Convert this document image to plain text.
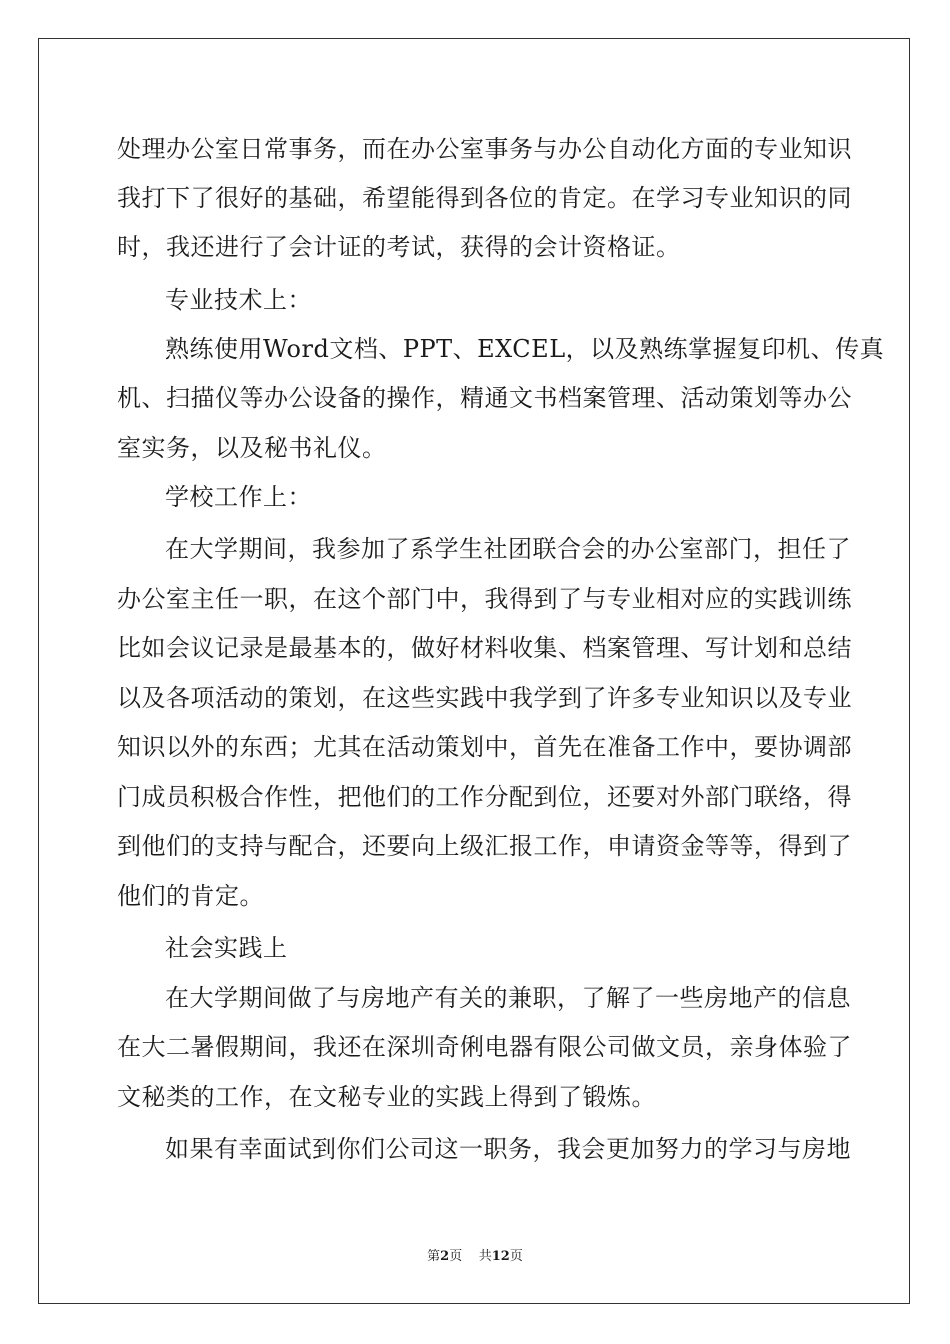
处理办公室日常事务，而在办公室事务与办公自动化方面的专业知识
我打下了很好的基础，希望能得到各位的肯定。在学习专业知识的同
时，我还进行了会计证的考试，获得的会计资格证。
专业技术上：
熟练使用Word文档、PPT、EXCEL，以及熟练掌握复印机、传真
机、扫描仪等办公设备的操作，精通文书档案管理、活动策划等办公
室实务，以及秘书礼仪。
学校工作上：
在大学期间，我参加了系学生社团联合会的办公室部门，担任了
办公室主任一职，在这个部门中，我得到了与专业相对应的实践训练
比如会议记录是最基本的，做好材料收集、档案管理、写计划和总结
以及各项活动的策划，在这些实践中我学到了许多专业知识以及专业
知识以外的东西；尤其在活动策划中，首先在准备工作中，要协调部
门成员积极合作性，把他们的工作分配到位，还要对外部门联络，得
到他们的支持与配合，还要向上级汇报工作，申请资金等等，得到了
他们的肯定。
社会实践上
在大学期间做了与房地产有关的兼职，了解了一些房地产的信息
在大二暑假期间，我还在深圳奇俐电器有限公司做文员，亲身体验了
文秘类的工作，在文秘专业的实践上得到了锻炼。
如果有幸面试到你们公司这一职务，我会更加努力的学习与房地
第2页 共12页
